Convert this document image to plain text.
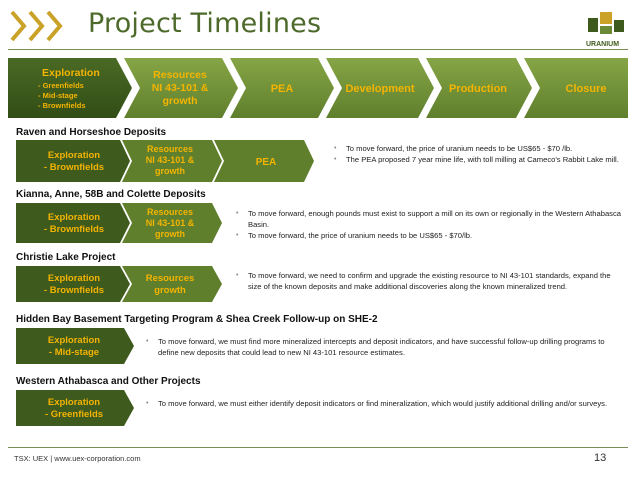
Project Timelines
URANIUM
Exploration
- Greenfields
- Mid-stage
- Brownfields
Resources
NI 43-101 &
growth
PEA	Development	Production	Closure
Raven and Horseshoe Deposits
Exploration
- Brownfields
Resources
NI 43-101 &
growth
PEA
• To move forward, the price of uranium needs to be US$65 - $70 /lb.
• The PEA proposed 7 year mine life, with toll milling at Cameco's Rabbit Lake mill.
Kianna, Anne, 58B and Colette Deposits
Exploration
- Brownfields
Resources
NI 43-101 &
growth
• To move forward, enough pounds must exist to support a mill on its own or regionally in the Western Athabasca Basin.
• To move forward, the price of uranium needs to be US$65 - $70/lb.
Christie Lake Project
Exploration
- Brownfields
Resources
growth
• To move forward, we need to confirm and upgrade the existing resource to NI 43-101 standards, expand the size of the known deposits and make additional discoveries along the known mineralized trend.
Hidden Bay Basement Targeting Program & Shea Creek Follow-up on SHE-2
Exploration
- Mid-stage
• To move forward, we must find more mineralized intercepts and deposit indicators, and have successful follow-up drilling programs to define new deposits that could lead to new NI 43-101 resource estimates.
Western Athabasca and Other Projects
Exploration
- Greenfields
• To move forward, we must either identify deposit indicators or find mineralization, which would justify additional drilling and/or surveys.
TSX: UEX | www.uex-corporation.com	13
